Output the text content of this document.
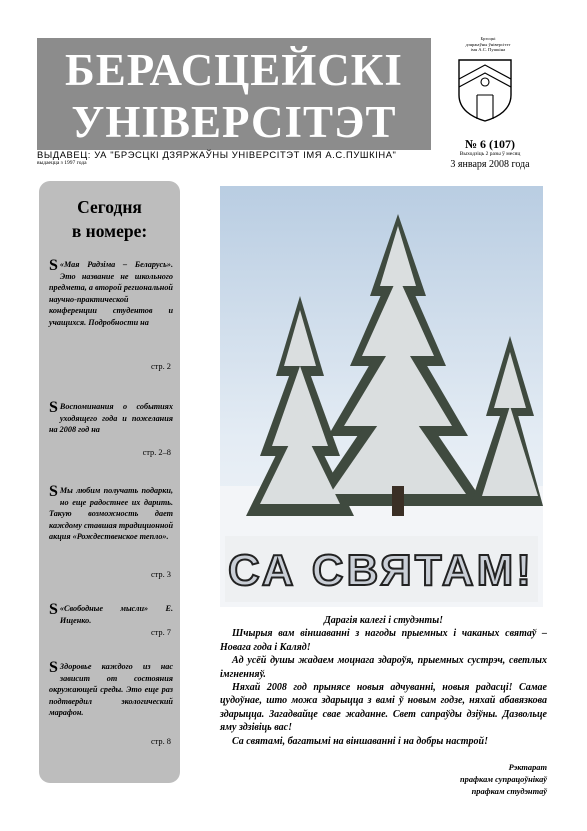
БЕРАСЦЕЙСКІ
УНІВЕРСІТЭТ
ВЫДАВЕЦ: УА "БРЭСЦКІ ДЗЯРЖАЎНЫ УНІВЕРСІТЭТ ІМЯ А.С.ПУШКІНА"
выдаецца з 1997 года
Брэсцкі
дзяржаўны ўніверсітэт
імя А.С. Пушкіна
№ 6 (107)
Выходзіць 2 разы ў месяц
3 января 2008 года
Сегодня
в номере:
S «Мая Радзіма – Беларусь». Это название не школьного предмета, а второй региональной научно-практической конференции студентов и учащихся. Подробности на
стр. 2
S Воспоминания о событиях уходящего года и пожелания на 2008 год на
стр. 2–8
S Мы любим получать подарки, но еще радостнее их дарить. Такую возможность дает каждому ставшая традиционной акция «Рождественское тепло».
стр. 3
S «Свободные мысли» Е. Ищенко.
стр. 7
S Здоровье каждого из нас зависит от состояния окружающей среды. Это еще раз подтвердил экологический марафон.
стр. 8
СА СВЯТАМ!
Дарагія калегі і студэнты!

Шчырыя вам віншаванні з нагоды прыемных і чаканых святаў – Новага года і Каляд!

Ад усёй душы жадаем моцнага здароўя, прыемных сустрэч, светлых імгненняў.

Няхай 2008 год прынясе новыя адчуванні, новыя радасці! Самае цудоўнае, што можа здарыцца з вамі ў новым годзе, няхай абавязкова здарыцца. Загадвайце свае жаданне. Свет сапраўды дзіўны. Дазвольце яму здзівіць вас!

Са святамі, багатымі на віншаванні і на добры настрой!

Рэктарат
прафкам супрацоўнікаў
прафкам студэнтаў
